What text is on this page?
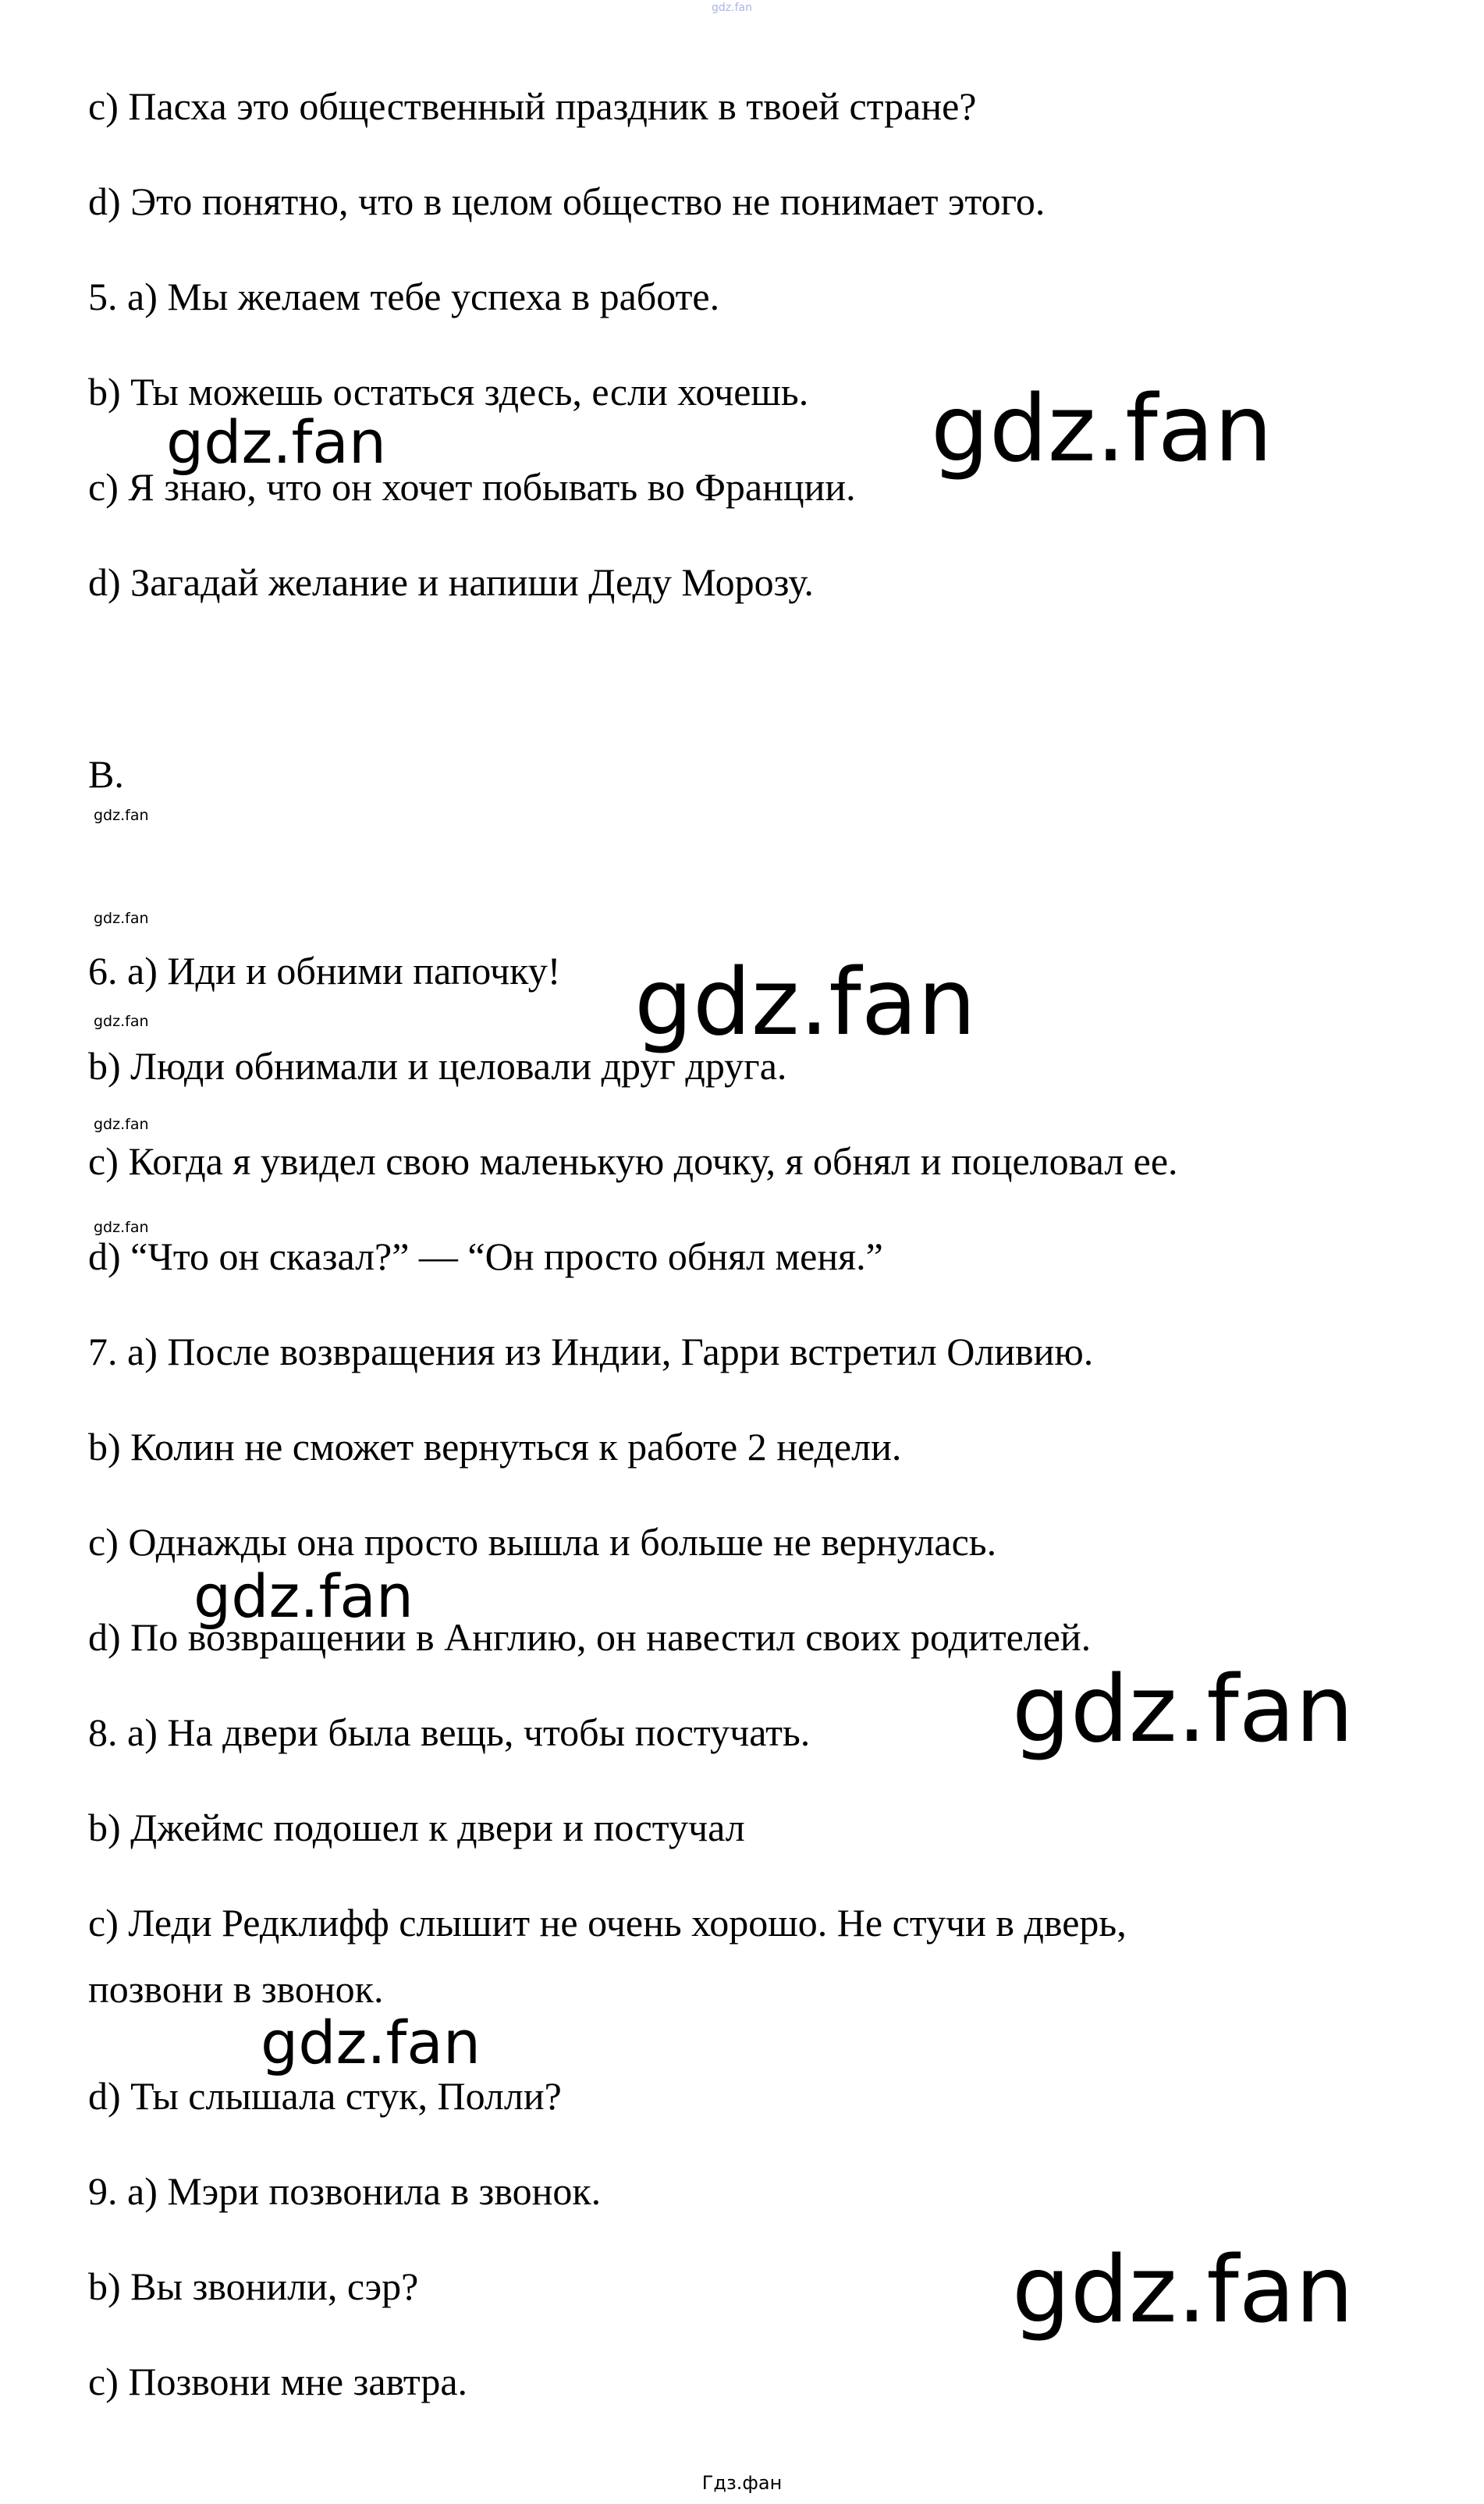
gdz.fan
c) Пасха это общественный праздник в твоей стране?
d) Это понятно, что в целом общество не понимает этого.
5. a) Мы желаем тебе успеха в работе.
b) Ты можешь остаться здесь, если хочешь.
c) Я знаю, что он хочет побывать во Франции.
d) Загадай желание и напиши Деду Морозу.
B.
6. a) Иди и обними папочку!
b) Люди обнимали и целовали друг друга.
c) Когда я увидел свою маленькую дочку, я обнял и поцеловал ее.
d) “Что он сказал?” — “Он просто обнял меня.”
7. a) После возвращения из Индии, Гарри встретил Оливию.
b) Колин не сможет вернуться к работе 2 недели.
c) Однажды она просто вышла и больше не вернулась.
d) По возвращении в Англию, он навестил своих родителей.
8. a) На двери была вещь, чтобы постучать.
b) Джеймс подошел к двери и постучал
c) Леди Редклифф слышит не очень хорошо. Не стучи в дверь,
позвони в звонок.
d) Ты слышала стук, Полли?
9. a) Мэри позвонила в звонок.
b) Вы звонили, сэр?
c) Позвони мне завтра.
gdz.fan
gdz.fan
gdz.fan
gdz.fan
gdz.fan
gdz.fan
gdz.fan
gdz.fan
gdz.fan
gdz.fan
gdz.fan
gdz.fan
Гдз.фан
